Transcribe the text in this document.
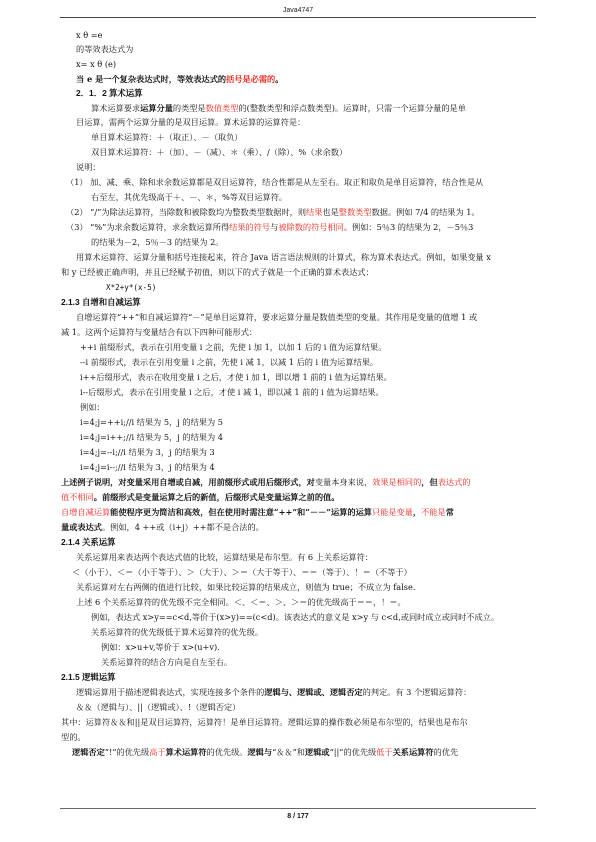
Java4747
x θ =e
的等效表达式为
x= x θ (e)
当 e 是一个复杂表达式时，等效表达式的括号是必需的。
2．1．2 算术运算
算术运算要求运算分量的类型是数值类型的(整数类型和浮点数类型)。运算时，只需一个运算分量的是单
目运算，需两个运算分量的是双目运算。算术运算的运算符是：
单目算术运算符：＋（取正）、－（取负）
双目算术运算符：＋（加）、－（减）、＊（乘）、/（除）、%（求余数）
说明：
（1） 加、减、乘、除和求余数运算都是双目运算符，结合性都是从左至右。取正和取负是单目运算符，结合性是从
右至左，其优先级高于＋、－、＊，%等双目运算符。
（2） “/”为除法运算符，当除数和被除数均为整数类型数据时，则结果也是整数类型数据。例如 7/4 的结果为 1。
（3） “%”为求余数运算符，求余数运算所得结果的符号与被除数的符号相同。例如：5％3 的结果为 2，－5％3
的结果为－2，5％－3 的结果为 2。
用算术运算符、运算分量和括号连接起来，符合 Java 语言语法规则的计算式，称为算术表达式。例如，如果变量 x
和 y 已经被正确声明，并且已经赋予初值，则以下的式子就是一个正确的算术表达式：
X*2+y*(x-5)
2.1.3 自增和自减运算
自增运算符“++”和自减运算符“－”是单目运算符，要求运算分量是数值类型的变量。其作用是变量的值增 1 或
减 1。这两个运算符与变量结合有以下四种可能形式：
++i 前缀形式，表示在引用变量 i 之前，先使 i 加 1，以加 1 后的 i 值为运算结果。
--i 前缀形式，表示在引用变量 i 之前，先使 i 减 1，以减 1 后的 i 值为运算结果。
i++后缀形式，表示在收用变量 i 之后，才使 i 加 1，即以增 1 前的 i 值为运算结果。
i--后缀形式，表示在引用变量 i 之后，才使 i 减 1，即以减 1 前的 i 值为运算结果。
例如：
i=4;j=++i;//i 结果为 5，j 的结果为 5
i=4;j=i++;//i 结果为 5，j 的结果为 4
i=4;j=--i;//i 结果为 3，j 的结果为 3
i=4;j=i--;//i 结果为 3，j 的结果为 4
上述例子说明，对变量采用自增或自减，用前缀形式或用后缀形式，对变量本身来说，效果是相同的，但表达式的
值不相同。前缀形式是变量运算之后的新值，后缀形式是变量运算之前的值。
自增自减运算能使程序更为简洁和高效，但在使用时需注意“++”和“－－”运算的运算只能是变量，不能是常
量或表达式。例如，4 ++或（i+j）++都不是合法的。
2.1.4 关系运算
关系运算用来表达两个表达式值的比较，运算结果是布尔型。有 6 上关系运算符：
＜（小于）、＜＝（小于等于）、＞（大于）、＞＝（大于等于）、＝＝（等于）、！＝（不等于）
关系运算对左右两侧的值进行比较，如果比较运算的结果成立，则值为 true；不成立为 false.
上述 6 个关系运算符的优先级不完全相同。＜、＜＝、＞、＞＝的优先级高于＝＝，！＝。
例如，表达式 x>y==c<d,等价于(x>y)==(c<d)。该表达式的意义是 x>y 与 c<d,或同时成立或同时不成立。
关系运算符的优先级低于算术运算符的优先级。
例如：x>u+v,等价于 x>(u+v).
关系运算符的结合方向是自左至右。
2.1.5 逻辑运算
逻辑运算用于描述逻辑表达式，实现连接多个条件的逻辑与、逻辑或、逻辑否定的判定。有 3 个逻辑运算符：
＆＆（逻辑与）、||（逻辑或）、!（逻辑否定）
其中：运算符＆＆和||是双目运算符，运算符！是单目运算符。逻辑运算的操作数必须是布尔型的，结果也是布尔
型的。
逻辑否定“!”的优先级高于算术运算符的优先级。逻辑与“＆＆”和逻辑或“||”的优先级低于关系运算符的优先
8 / 177
